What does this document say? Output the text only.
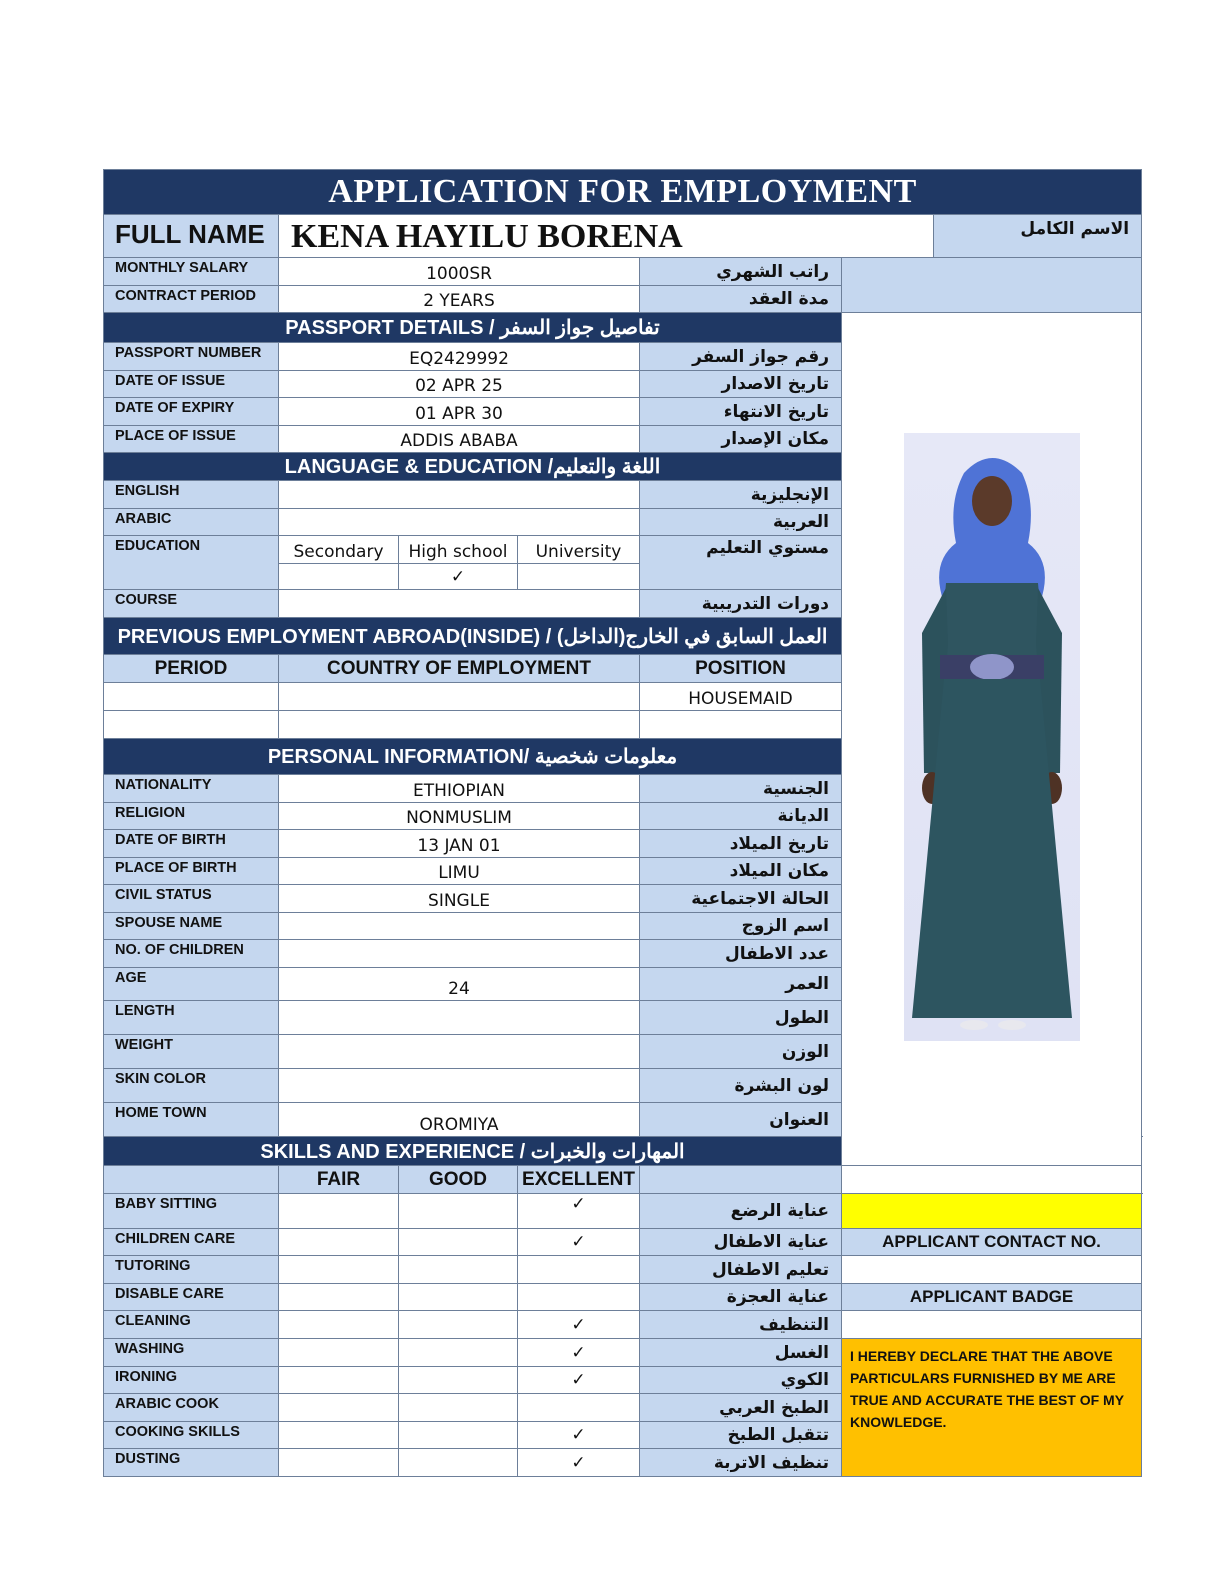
APPLICATION FOR EMPLOYMENT							
FULL NAME	KENA HAYILU BORENA					الاسم الكامل	
MONTHLY SALARY	1000SR			راتب الشهري			
CONTRACT PERIOD	2 YEARS			مدة العقد			
PASSPORT DETAILS / تفاصيل جواز السفر	
PASSPORT NUMBER	EQ2429992			رقم جواز السفر			
DATE OF ISSUE	02 APR 25			تاريخ الاصدار			
DATE OF EXPIRY	01 APR 30			تاريخ الانتهاء			
PLACE OF ISSUE	ADDIS ABABA			مكان الإصدار			
LANGUAGE & EDUCATION /اللغة والتعليم							
ENGLISH				الإنجليزية			
ARABIC				العربية			
EDUCATION	Secondary	High school	University	مستوي التعليم			
		✓					
COURSE				دورات التدريبية			
PREVIOUS EMPLOYMENT ABROAD(INSIDE) / العمل السابق في الخارج(الداخل)							
PERIOD	COUNTRY OF EMPLOYMENT			POSITION			
				HOUSEMAID			

PERSONAL INFORMATION/ معلومات شخصية							
NATIONALITY	ETHIOPIAN			الجنسية			
RELIGION	NONMUSLIM			الديانة			
DATE OF BIRTH	13 JAN 01			تاريخ الميلاد			
PLACE OF BIRTH	LIMU			مكان الميلاد			
CIVIL STATUS	SINGLE			الحالة الاجتماعية			
SPOUSE NAME				اسم الزوج			
NO. OF CHILDREN				عدد الاطفال			
AGE	24			العمر			
LENGTH				الطول			
WEIGHT				الوزن			
SKIN COLOR				لون البشرة			
HOME TOWN	OROMIYA			العنوان			
SKILLS AND EXPERIENCE / المهارات والخبرات							
	FAIR	GOOD	EXCELLENT				
BABY SITTING			✓	عناية الرضع			
CHILDREN CARE			✓	عناية الاطفال	APPLICANT CONTACT NO.		
TUTORING				تعليم الاطفال			
DISABLE CARE				عناية العجزة	APPLICANT BADGE		
CLEANING			✓	التنظيف			
WASHING			✓	الغسل	I HEREBY DECLARE THAT THE ABOVE PARTICULARS FURNISHED BY ME ARE TRUE AND ACCURATE THE BEST OF MY KNOWLEDGE.		
IRONING			✓	الكوي			
ARABIC COOK				الطبخ العربي			
COOKING SKILLS			✓	تتقبل الطبخ			
DUSTING			✓	تنظيف الاتربة			
